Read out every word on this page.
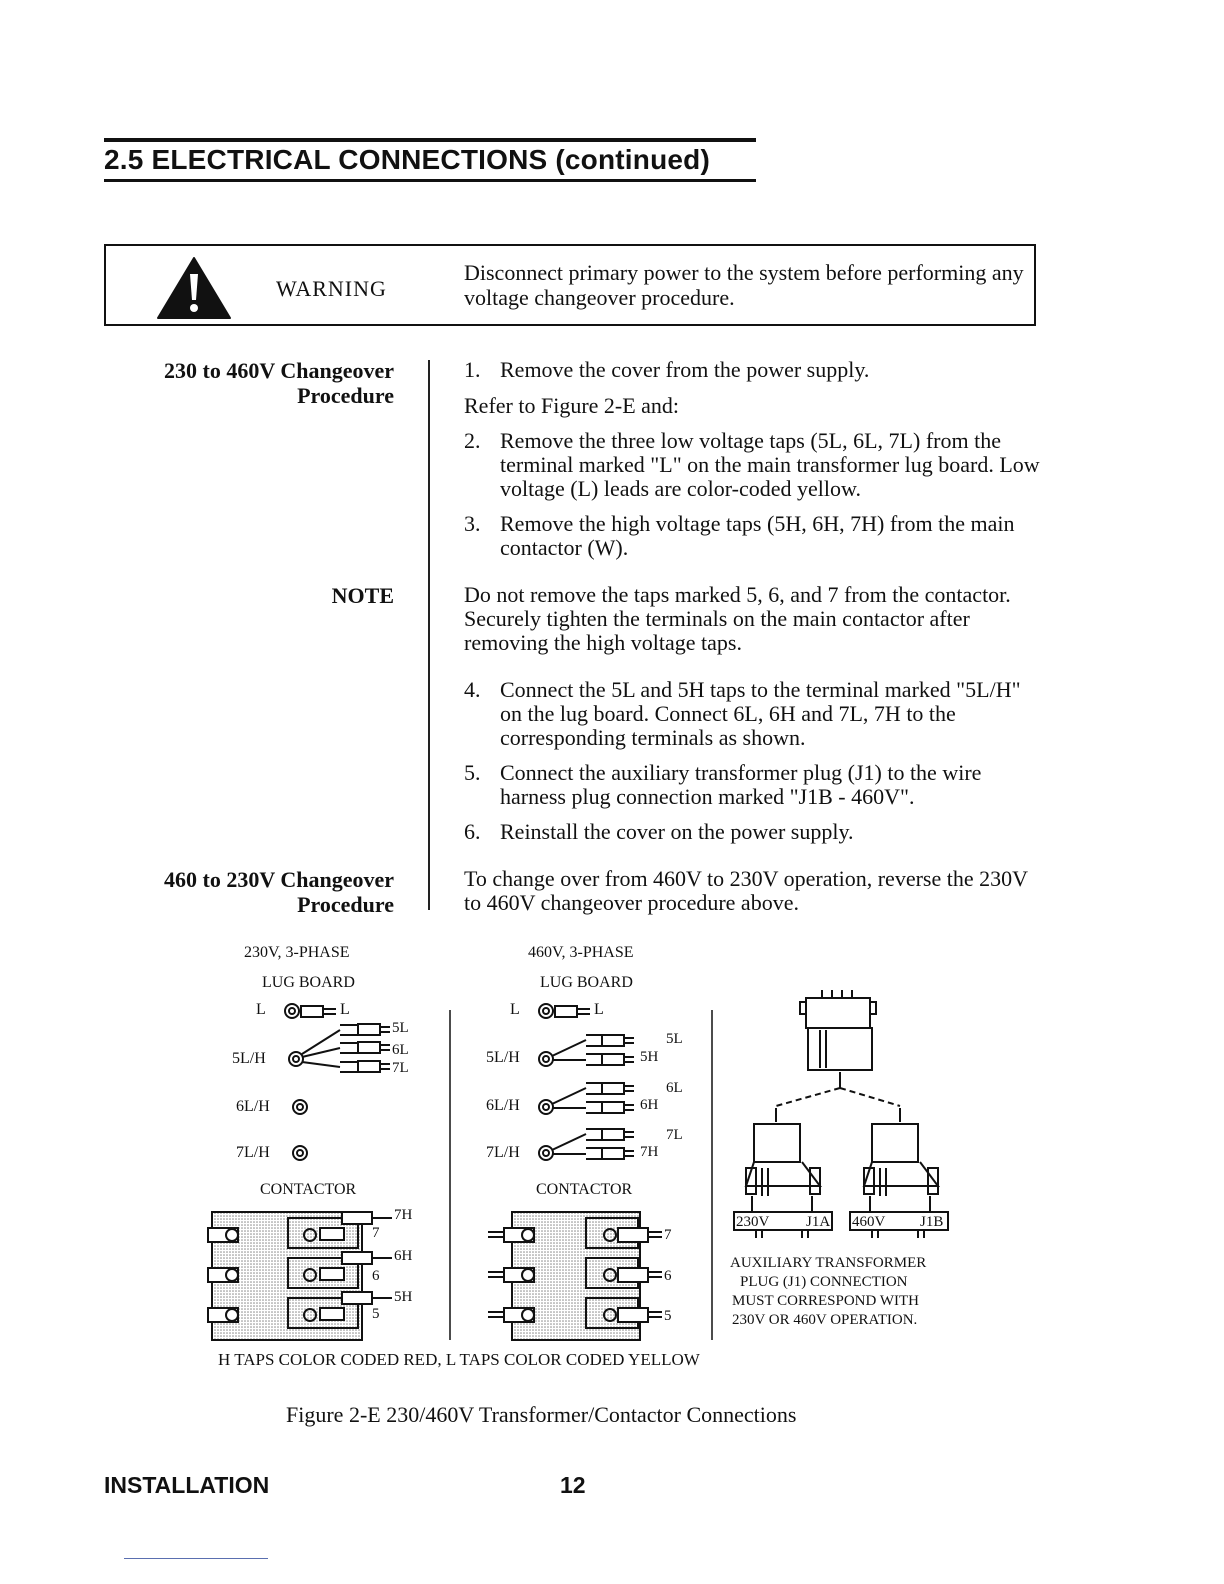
2.5 ELECTRICAL CONNECTIONS (continued)
WARNING
Disconnect primary power to the system before performing any voltage changeover procedure.
230 to 460V Changeover
Procedure
NOTE
460 to 230V Changeover
Procedure
1. Remove the cover from the power supply.
Refer to Figure 2-E and:
2. Remove the three low voltage taps (5L, 6L, 7L) from the terminal marked "L" on the main transformer lug board. Low voltage (L) leads are color-coded yellow.
3. Remove the high voltage taps (5H, 6H, 7H) from the main contactor (W).
Do not remove the taps marked 5, 6, and 7 from the contactor. Securely tighten the terminals on the main contactor after removing the high voltage taps.
4. Connect the 5L and 5H taps to the terminal marked "5L/H" on the lug board. Connect 6L, 6H and 7L, 7H to the corresponding terminals as shown.
5. Connect the auxiliary transformer plug (J1) to the wire harness plug connection marked "J1B - 460V".
6. Reinstall the cover on the power supply.
To change over from 460V to 230V operation, reverse the 230V to 460V changeover procedure above.
230V, 3-PHASE
LUG BOARD
L	L
5L
6L
7L
5L/H
6L/H
7L/H
CONTACTOR
7H
7
6H
6
5H
5
460V, 3-PHASE
LUG BOARD
L	L
5L/H
6L/H
7L/H
5L
5H
6L
6H
7L
7H
CONTACTOR
7
6
5
230V J1A 460V J1B
AUXILIARY TRANSFORMER
PLUG (J1) CONNECTION
MUST CORRESPOND WITH
230V OR 460V OPERATION.
H TAPS COLOR CODED RED, L TAPS COLOR CODED YELLOW
Figure 2-E 230/460V Transformer/Contactor Connections
INSTALLATION	12
